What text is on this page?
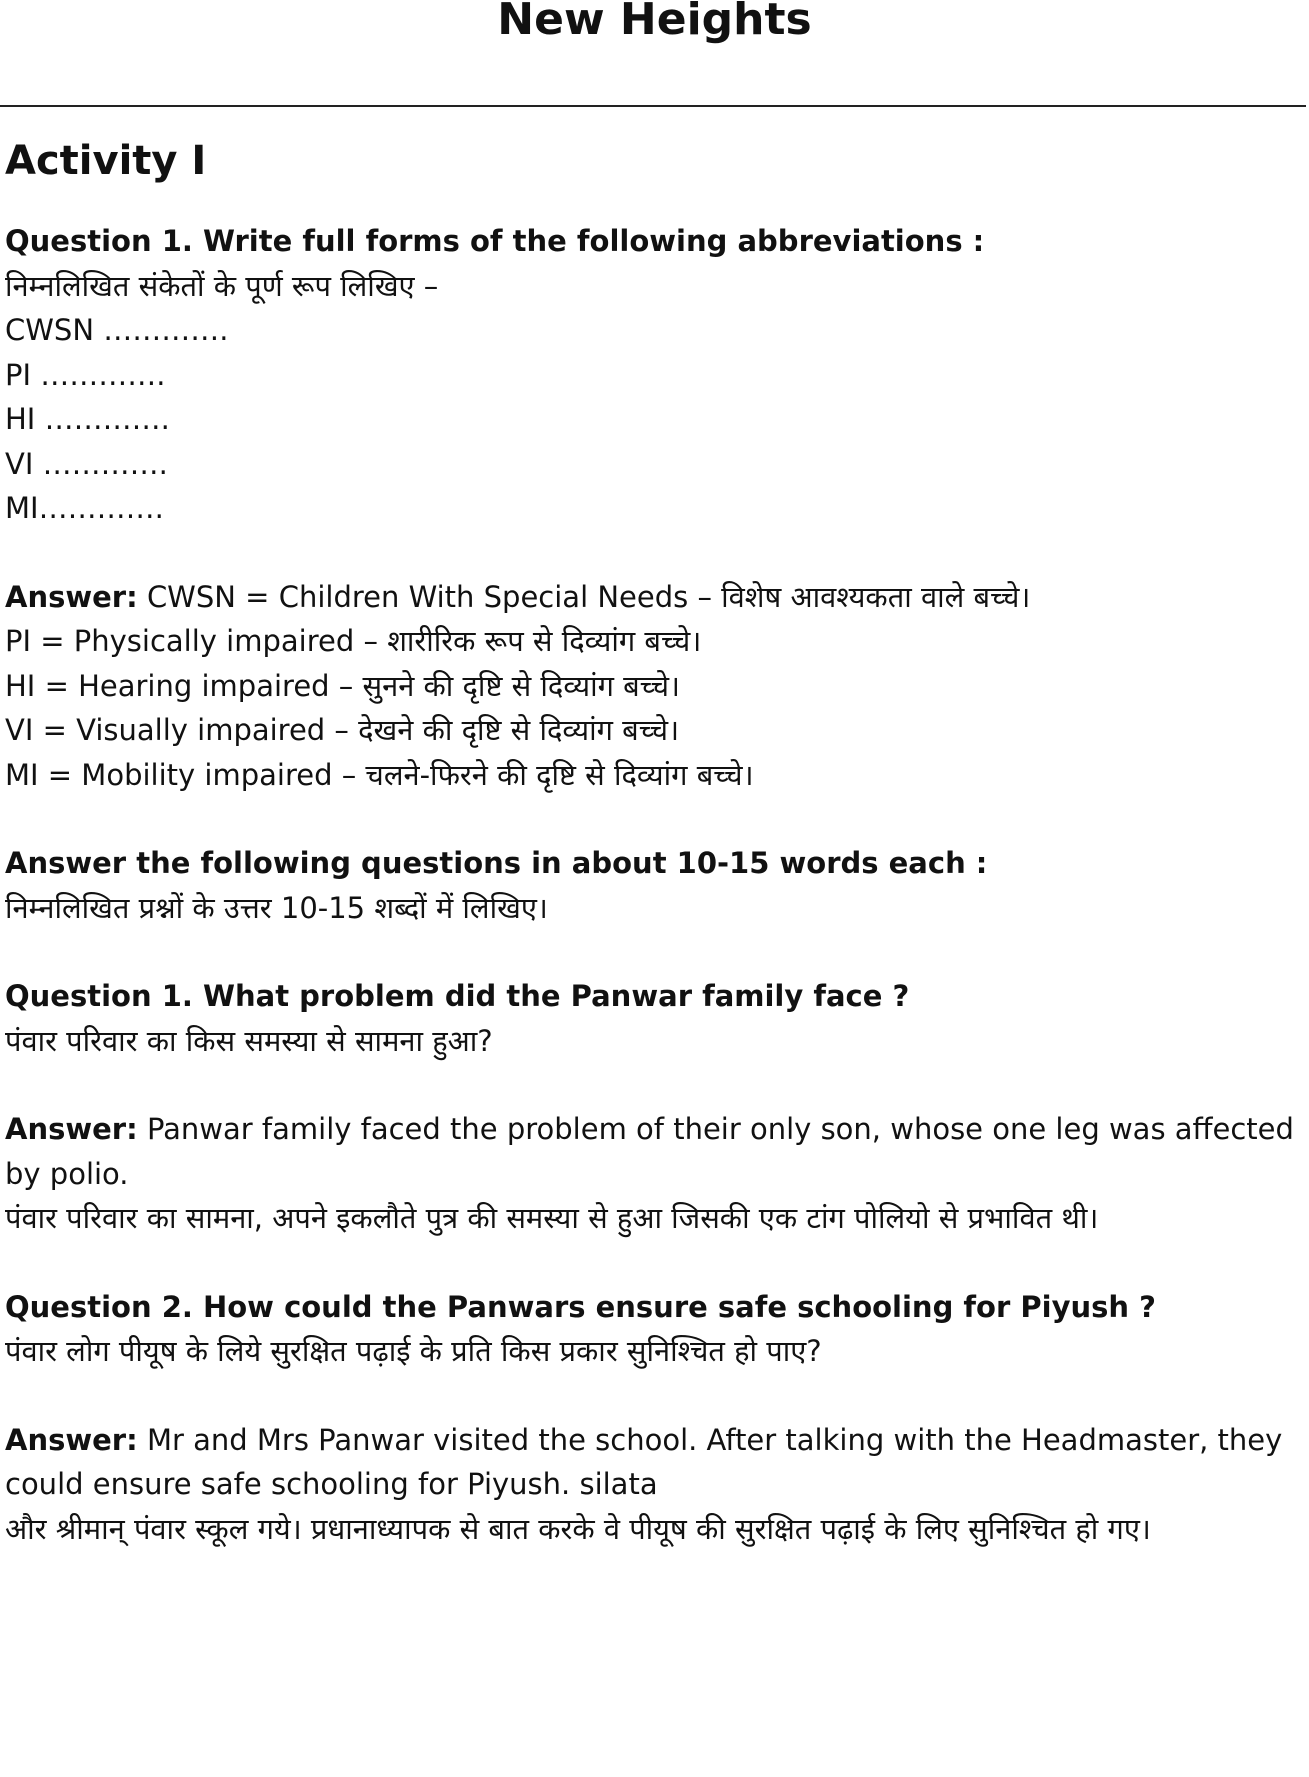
New Heights
Activity I

Question 1. Write full forms of the following abbreviations :

निम्नलिखित संकेतों के पूर्ण रूप लिखिए –

CWSN ………….

PI ………….

HI ………….

VI ………….

MI………….

Answer: CWSN = Children With Special Needs – विशेष आवश्यकता वाले बच्चे।

PI = Physically impaired – शारीरिक रूप से दिव्यांग बच्चे।

HI = Hearing impaired – सुनने की दृष्टि से दिव्यांग बच्चे।

VI = Visually impaired – देखने की दृष्टि से दिव्यांग बच्चे।

MI = Mobility impaired – चलने-फिरने की दृष्टि से दिव्यांग बच्चे।

Answer the following questions in about 10-15 words each :

निम्नलिखित प्रश्नों के उत्तर 10-15 शब्दों में लिखिए।

Question 1. What problem did the Panwar family face ?

पंवार परिवार का किस समस्या से सामना हुआ?

Answer: Panwar family faced the problem of their only son, whose one leg was affected by polio.

पंवार परिवार का सामना, अपने इकलौते पुत्र की समस्या से हुआ जिसकी एक टांग पोलियो से प्रभावित थी।

Question 2. How could the Panwars ensure safe schooling for Piyush ?

पंवार लोग पीयूष के लिये सुरक्षित पढ़ाई के प्रति किस प्रकार सुनिश्चित हो पाए?

Answer: Mr and Mrs Panwar visited the school. After talking with the Headmaster, they could ensure safe schooling for Piyush. silata

और श्रीमान् पंवार स्कूल गये। प्रधानाध्यापक से बात करके वे पीयूष की सुरक्षित पढ़ाई के लिए सुनिश्चित हो गए।
